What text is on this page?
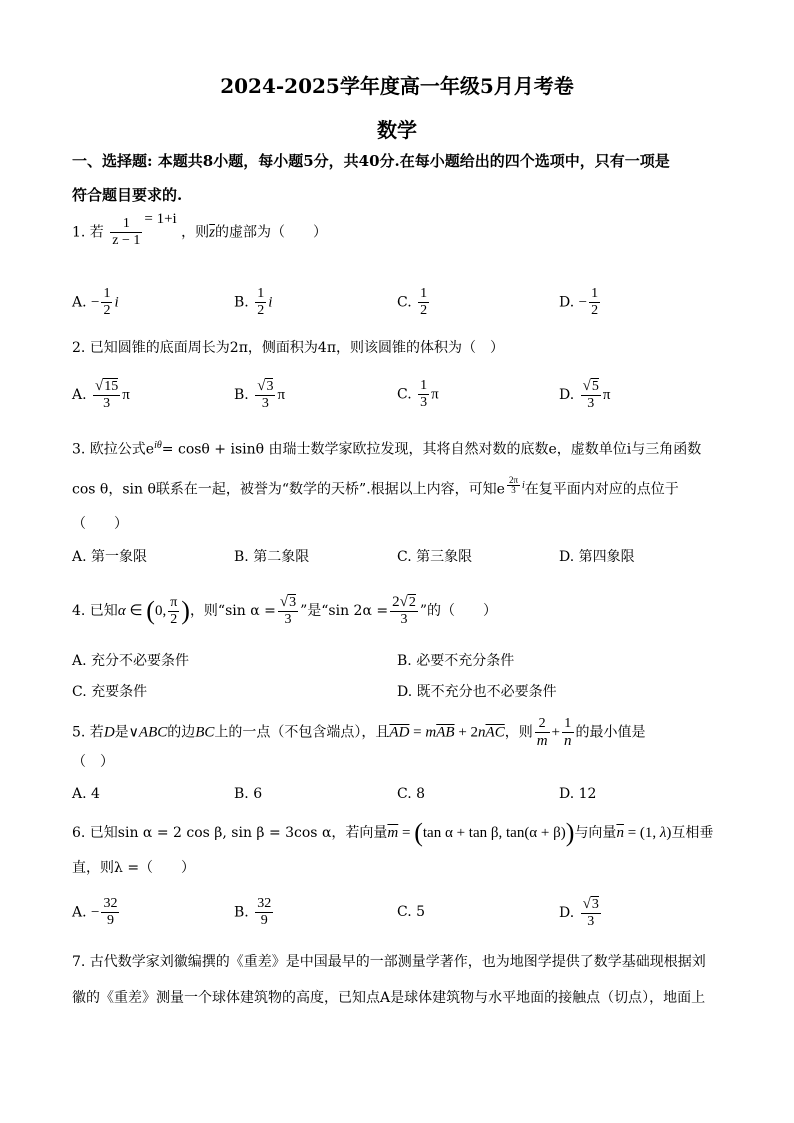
2024-2025学年度高一年级5月月考卷
数学
一、选择题: 本题共8小题，每小题5分，共40分.在每小题给出的四个选项中，只有一项是
符合题目要求的.
1. 若 $\frac{1}{z - 1} = 1+i$ ，则$\overline{z}$的虚部为（　　）
A. − $\frac{1}{2}$ i	B. $\frac{1}{2}$ i	C. $\frac{1}{2}$	D. − $\frac{1}{2}$
2. 已知圆锥的底面周长为2π，侧面积为4π，则该圆锥的体积为（　）
A. $\frac{√15}{3}$ π	B. $\frac{√3}{3}$ π	C. $\frac{1}{3}$ π	D. $\frac{√5}{3}$ π
3. 欧拉公式$e^{i\theta}= \cos\theta + isin\theta$ 由瑞士数学家欧拉发现，其将自然对数的底数e，虚数单位i与三角函数
cos θ，sin θ联系在一起，被誉为“数学的天桥”.根据以上内容，可知e $^{\frac{2\pi}{3} i}$在复平面内对应的点位于
（　　）
A. 第一象限	B. 第二象限	C. 第三象限	D. 第四象限
4. 已知α ∈ (0, $\frac{\pi}{2}$ )，则“sin $\alpha = \frac{√3}{3}$ ”是“sin $2\alpha = \frac{2√2}{3}$ ”的（　　）
A. 充分不必要条件	B. 必要不充分条件
C. 充要条件	D. 既不充分也不必要条件
5. 若D是∨ABC的边BC上的一点（不包含端点），且$\overline{AD} = m\overline{AB} + 2n\overline{AC}$，则 $\frac{2}{m} + \frac{1}{n}$ 的最小值是
（　）
A. 4	B. 6	C. 8	D. 12
6. 已知sin α = 2 cos β, sin β = 3cos α，若向量$\overline{m} = (\tan$ α + tan β, tan(α + β))与向量$\overline{n} = (1$, λ)互相垂
直，则λ =（　　）
A. − $\frac{32}{9}$	B. $\frac{32}{9}$	C. 5	D. $\frac{√3}{3}$
7. 古代数学家刘徽编撰的《重差》是中国最早的一部测量学著作，也为地图学提供了数学基础现根据刘
徽的《重差》测量一个球体建筑物的高度，已知点A是球体建筑物与水平地面的接触点（切点），地面上
